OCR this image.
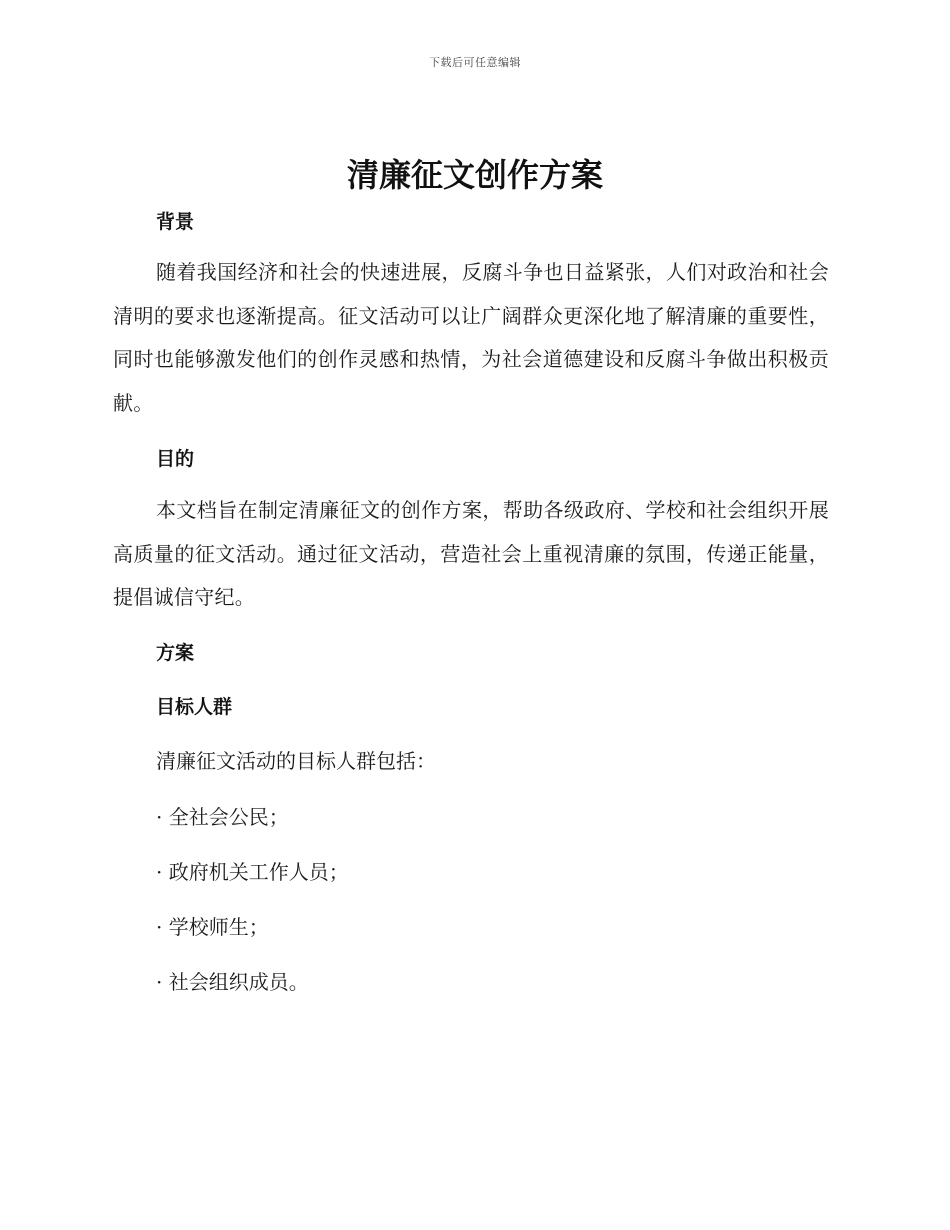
下载后可任意编辑
清廉征文创作方案
背景

随着我国经济和社会的快速进展，反腐斗争也日益紧张，人们对政治和社会清明的要求也逐渐提高。征文活动可以让广阔群众更深化地了解清廉的重要性，同时也能够激发他们的创作灵感和热情，为社会道德建设和反腐斗争做出积极贡献。

目的

本文档旨在制定清廉征文的创作方案，帮助各级政府、学校和社会组织开展高质量的征文活动。通过征文活动，营造社会上重视清廉的氛围，传递正能量，提倡诚信守纪。

方案
目标人群
清廉征文活动的目标人群包括：
· 全社会公民；
· 政府机关工作人员；
· 学校师生；
· 社会组织成员。
